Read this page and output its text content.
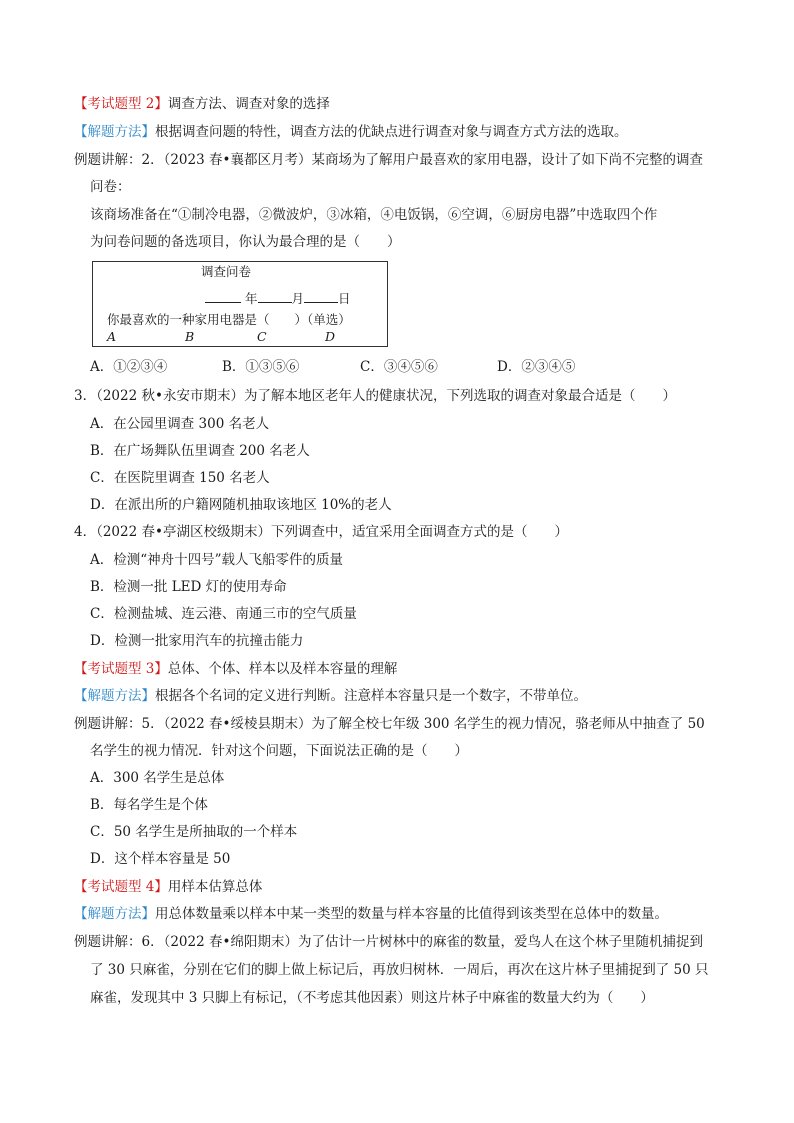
【考试题型 2】调查方法、调查对象的选择
【解题方法】根据调查问题的特性，调查方法的优缺点进行调查对象与调查方式方法的选取。
例题讲解：2．（2023 春•襄都区月考）某商场为了解用户最喜欢的家用电器，设计了如下尚不完整的调查
问卷：
该商场准备在“①制冷电器，②微波炉，③冰箱，④电饭锅，⑥空调，⑥厨房电器”中选取四个作
为问卷问题的备选项目，你认为最合理的是（　　）
调查问卷
年	月	日
你最喜欢的一种家用电器是（　　）（单选）
A	B	C	D
A．①②③④	B．①③⑤⑥	C．③④⑤⑥	D．②③④⑤
3．（2022 秋•永安市期末）为了解本地区老年人的健康状况，下列选取的调查对象最合适是（　　）
A．在公园里调查 300 名老人
B．在广场舞队伍里调查 200 名老人
C．在医院里调查 150 名老人
D．在派出所的户籍网随机抽取该地区 10%的老人
4．（2022 春•亭湖区校级期末）下列调查中，适宜采用全面调查方式的是（　　）
A．检测“神舟十四号”载人飞船零件的质量
B．检测一批 LED 灯的使用寿命
C．检测盐城、连云港、南通三市的空气质量
D．检测一批家用汽车的抗撞击能力
【考试题型 3】总体、个体、样本以及样本容量的理解
【解题方法】根据各个名词的定义进行判断。注意样本容量只是一个数字，不带单位。
例题讲解：5．（2022 春•绥棱县期末）为了解全校七年级 300 名学生的视力情况，骆老师从中抽查了 50
名学生的视力情况．针对这个问题，下面说法正确的是（　　）
A．300 名学生是总体
B．每名学生是个体
C．50 名学生是所抽取的一个样本
D．这个样本容量是 50
【考试题型 4】用样本估算总体
【解题方法】用总体数量乘以样本中某一类型的数量与样本容量的比值得到该类型在总体中的数量。
例题讲解：6．（2022 春•绵阳期末）为了估计一片树林中的麻雀的数量，爱鸟人在这个林子里随机捕捉到
了 30 只麻雀，分别在它们的脚上做上标记后，再放归树林．一周后，再次在这片林子里捕捉到了 50 只
麻雀，发现其中 3 只脚上有标记，（不考虑其他因素）则这片林子中麻雀的数量大约为（　　）
